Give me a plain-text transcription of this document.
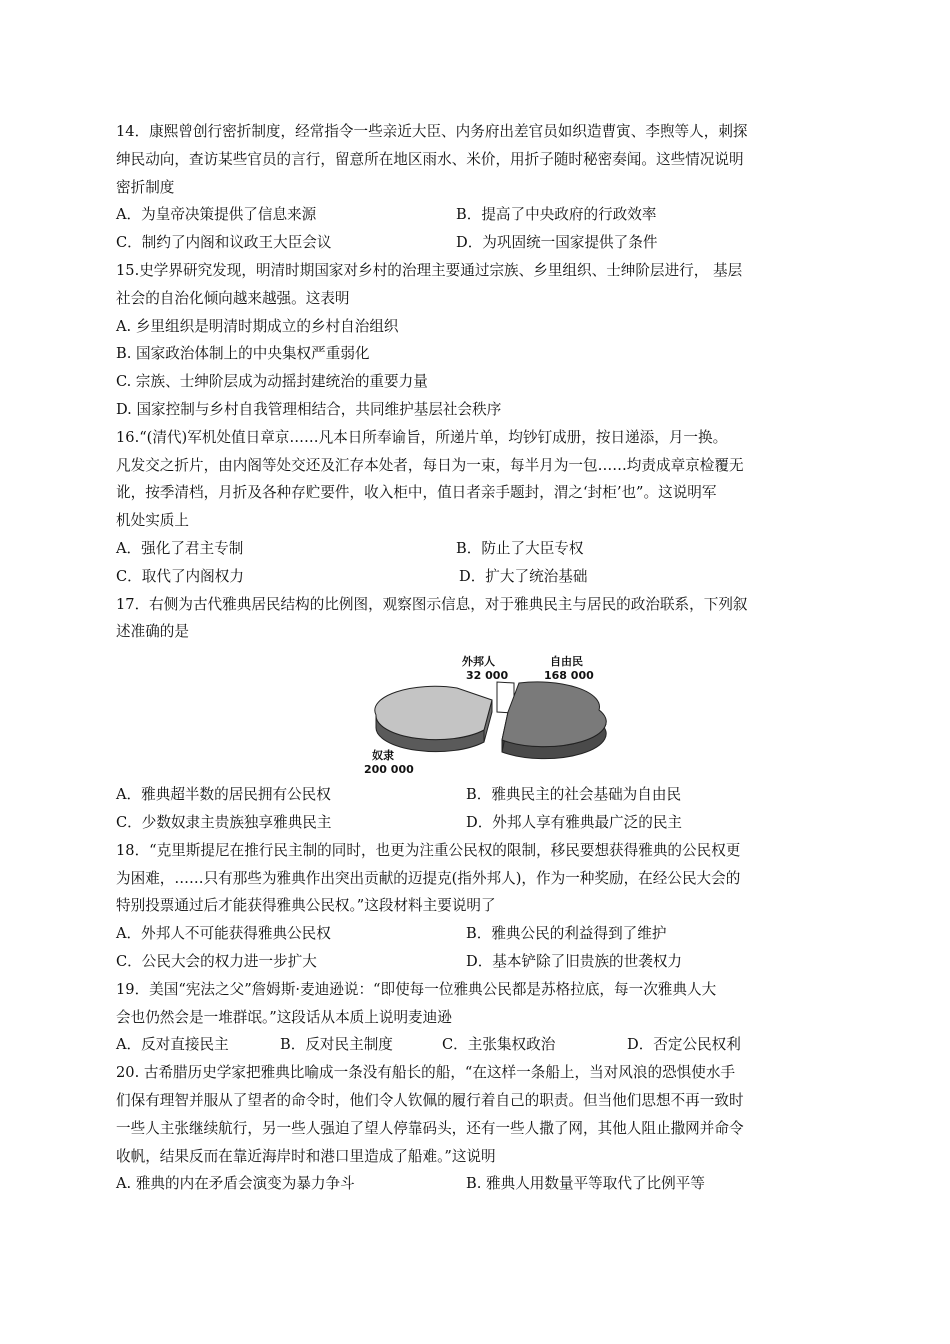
14．康熙曾创行密折制度，经常指令一些亲近大臣、内务府出差官员如织造曹寅、李煦等人，刺探
绅民动向，查访某些官员的言行，留意所在地区雨水、米价，用折子随时秘密奏闻。这些情况说明
密折制度
A．为皇帝决策提供了信息来源	B．提高了中央政府的行政效率
C．制约了内阁和议政王大臣会议	D．为巩固统一国家提供了条件
15.史学界研究发现，明清时期国家对乡村的治理主要通过宗族、乡里组织、士绅阶层进行， 基层
社会的自治化倾向越来越强。这表明
A. 乡里组织是明清时期成立的乡村自治组织
B. 国家政治体制上的中央集权严重弱化
C. 宗族、士绅阶层成为动摇封建统治的重要力量
D. 国家控制与乡村自我管理相结合，共同维护基层社会秩序
16.“(清代)军机处值日章京……凡本日所奉谕旨，所递片单，均钞钉成册，按日递添，月一换。
凡发交之折片，由内阁等处交还及汇存本处者，每日为一束，每半月为一包……均责成章京检覆无
讹，按季清档，月折及各种存贮要件，收入柜中，值日者亲手题封，渭之‘封柜’也”。这说明军
机处实质上
A．强化了君主专制	B．防止了大臣专权
C．取代了内阁权力	D．扩大了统治基础
17．右侧为古代雅典居民结构的比例图，观察图示信息，对于雅典民主与居民的政治联系，下列叙
述准确的是
外邦人
32 000
自由民
168 000
奴隶
200 000
A．雅典超半数的居民拥有公民权	B．雅典民主的社会基础为自由民
C．少数奴隶主贵族独享雅典民主	D．外邦人享有雅典最广泛的民主
18．“克里斯提尼在推行民主制的同时，也更为注重公民权的限制，移民要想获得雅典的公民权更
为困难，……只有那些为雅典作出突出贡献的迈提克(指外邦人)，作为一种奖励，在经公民大会的
特别投票通过后才能获得雅典公民权。”这段材料主要说明了
A．外邦人不可能获得雅典公民权	B．雅典公民的利益得到了维护
C．公民大会的权力进一步扩大	D．基本铲除了旧贵族的世袭权力
19．美国“宪法之父”詹姆斯·麦迪逊说：“即使每一位雅典公民都是苏格拉底，每一次雅典人大
会也仍然会是一堆群氓。”这段话从本质上说明麦迪逊
A．反对直接民主	B．反对民主制度	C．主张集权政治	D．否定公民权利
20. 古希腊历史学家把雅典比喻成一条没有船长的船，“在这样一条船上，当对风浪的恐惧使水手
们保有理智并服从了望者的命令时，他们令人钦佩的履行着自己的职责。但当他们思想不再一致时
一些人主张继续航行，另一些人强迫了望人停靠码头，还有一些人撒了网，其他人阻止撒网并命令
收帆，结果反而在靠近海岸时和港口里造成了船难。”这说明
A. 雅典的内在矛盾会演变为暴力争斗	B. 雅典人用数量平等取代了比例平等
